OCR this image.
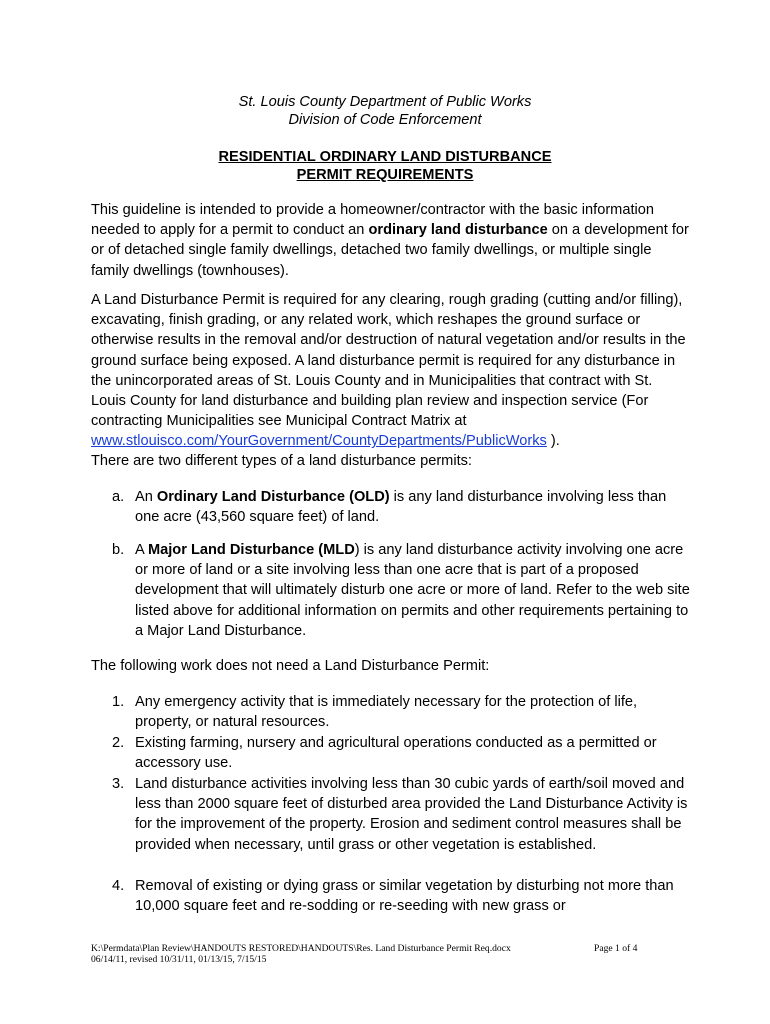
St. Louis County Department of Public Works
Division of Code Enforcement
RESIDENTIAL ORDINARY LAND DISTURBANCE
PERMIT REQUIREMENTS
This guideline is intended to provide a homeowner/contractor with the basic information needed to apply for a permit to conduct an ordinary land disturbance on a development for or of detached single family dwellings, detached two family dwellings, or multiple single family dwellings (townhouses).
A Land Disturbance Permit is required for any clearing, rough grading (cutting and/or filling), excavating, finish grading, or any related work, which reshapes the ground surface or otherwise results in the removal and/or destruction of natural vegetation and/or results in the ground surface being exposed. A land disturbance permit is required for any disturbance in the unincorporated areas of St. Louis County and in Municipalities that contract with St. Louis County for land disturbance and building plan review and inspection service (For contracting Municipalities see Municipal Contract Matrix at www.stlouisco.com/YourGovernment/CountyDepartments/PublicWorks ).
There are two different types of a land disturbance permits:
a. An Ordinary Land Disturbance (OLD) is any land disturbance involving less than one acre (43,560 square feet) of land.
b. A Major Land Disturbance (MLD) is any land disturbance activity involving one acre or more of land or a site involving less than one acre that is part of a proposed development that will ultimately disturb one acre or more of land. Refer to the web site listed above for additional information on permits and other requirements pertaining to a Major Land Disturbance.
The following work does not need a Land Disturbance Permit:
1. Any emergency activity that is immediately necessary for the protection of life, property, or natural resources.
2. Existing farming, nursery and agricultural operations conducted as a permitted or accessory use.
3. Land disturbance activities involving less than 30 cubic yards of earth/soil moved and less than 2000 square feet of disturbed area provided the Land Disturbance Activity is for the improvement of the property. Erosion and sediment control measures shall be provided when necessary, until grass or other vegetation is established.
4. Removal of existing or dying grass or similar vegetation by disturbing not more than 10,000 square feet and re-sodding or re-seeding with new grass or
K:\Permdata\Plan Review\HANDOUTS RESTORED\HANDOUTS\Res. Land Disturbance Permit Req.docx
06/14/11, revised 10/31/11, 01/13/15, 7/15/15
Page 1 of 4
